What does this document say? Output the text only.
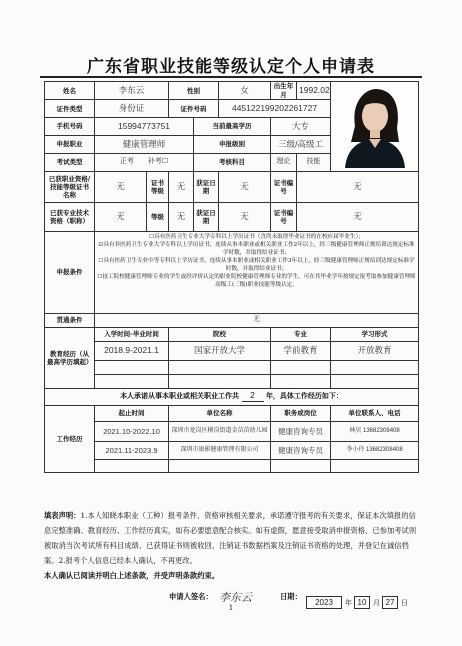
广东省职业技能等级认定个人申请表
姓名	李东云		性别		女	出生年月	1992.02	
证件类型	身份证		证件号码		445122199202261727			
手机号码	15994773751			当前最高学历		大专		
申报职业	健康管理师			申报级别		三级/高级工		
考试类型	正考 补考☐			考核科目		理论	技能	
已获职业资格/技能等级证书名称	无	证书等级	无	获证日期	无	证书编号	无	
已获专业技术资格（职称）	无	等级	无	获证日期	无	证书编号	无	
申报条件	☐具有医药卫生专业大学专科以上学历证书（含尚未取得毕业证书的在校应届毕业生）；
☑具有非医药卫生专业大学专科以上学历证书，连续从事本职业或相关职业工作2年以上，经三级健康管理师正规培训达规定标准学时数，并取得结业证书；
☐具有医药卫生专业中等专科以上学历证书，连续从事本职业或相关职业工作3年以上，经三级健康管理师正规培训达规定标准学时数，并取得结业证书；
☐技工院校健康管理师专业的学生或经评价认定的职业院校健康管理师专业的学生，可在其毕业学年按规定报考取参加健康管理师高级工(三级)职业技能等级认定。							

贯通条件	无							
教育经历（从最高学历填起）	入学时间-毕业时间		院校			专业		学习形式
	2018.9-2021.1		国家开放大学			学前教育		开放教育

本人承诺从事本职业或相关职业工作共 2 年，具体工作经历如下：								
工作经历	起止时间		单位名称			职务或岗位		单位联系人、电话
	2021.10-2022.10		深圳市龙岗区横岗街道金苗苗幼儿园			健康咨询专员		林贝 13682308408
	2021.11-2023.9		深圳市康影健康管理有限公司			健康咨询专员		李小玲 13682308408

填表声明：1.本人知晓本职业（工种）报考条件、资格审核相关要求，承诺遵守报考的有关要求，保证本次填报的信息完整准确、教育经历、工作经历真实，如有必要愿意配合核实。如有虚假，愿意接受取消申报资格、已参加考试则被取消当次考试所有科目成绩、已获得证书则被收回、注销证书数据档案及注销证书资格的处理，并登记在诚信档案。2.报考个人信息已经本人确认，不再更改。
本人确认已阅读并明白上述条款，并受声明条款约束。
申请人签名：	日期：
李东云	2023 年 10 月 27 日
1
